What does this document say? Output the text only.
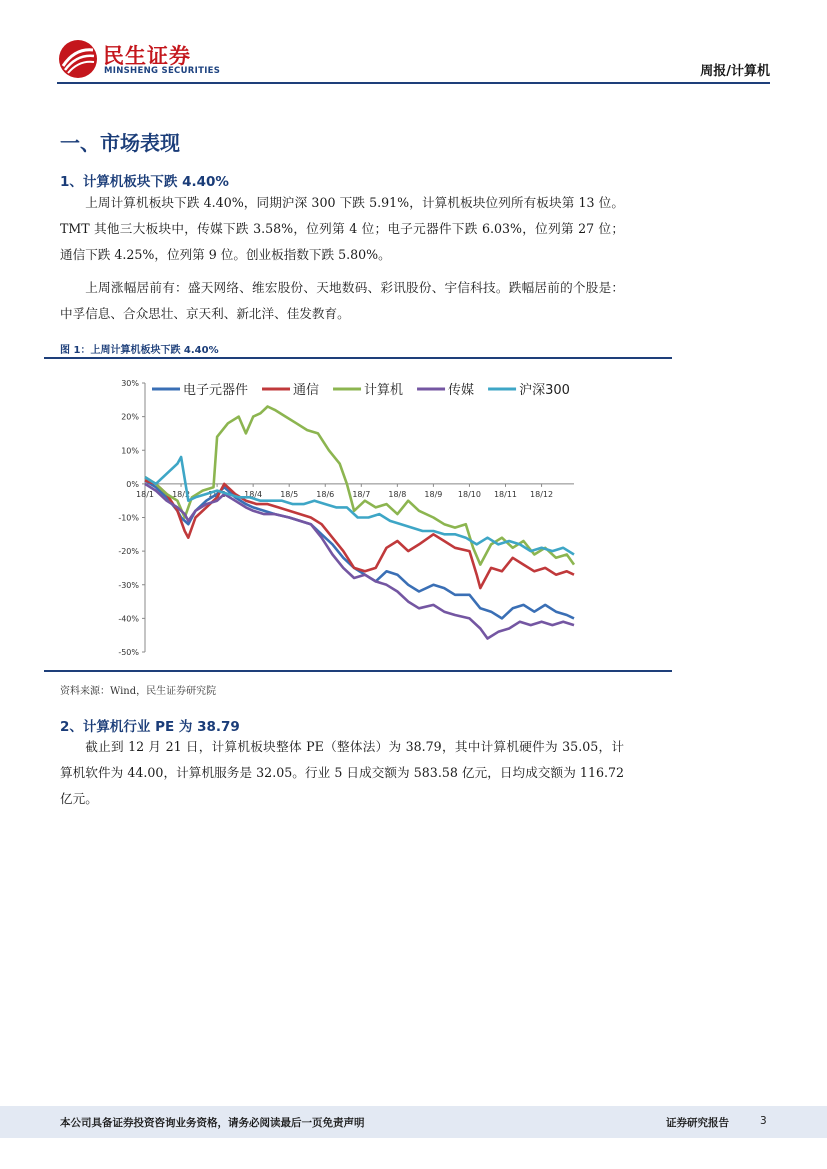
民生证券
MINSHENG SECURITIES	周报/计算机
一、市场表现
1、计算机板块下跌 4.40%
上周计算机板块下跌 4.40%，同期沪深 300 下跌 5.91%，计算机板块位列所有板块第 13 位。TMT 其他三大板块中，传媒下跌 3.58%，位列第 4 位；电子元器件下跌 6.03%，位列第 27 位；通信下跌 4.25%，位列第 9 位。创业板指数下跌 5.80%。
上周涨幅居前有：盛天网络、维宏股份、天地数码、彩讯股份、宇信科技。跌幅居前的个股是：中孚信息、合众思壮、京天利、新北洋、佳发教育。
图 1：上周计算机板块下跌 4.40%
30%
20%
10%
0%
-10%
-20%
-30%
-40%
-50%
18/1 18/2 18/3 18/4 18/5 18/6 18/7 18/8 18/9 18/10 18/11 18/12
电子元器件	通信	计算机	传媒	沪深300
资料来源：Wind，民生证券研究院
2、计算机行业 PE 为 38.79
截止到 12 月 21 日，计算机板块整体 PE（整体法）为 38.79，其中计算机硬件为 35.05，计算机软件为 44.00，计算机服务是 32.05。行业 5 日成交额为 583.58 亿元，日均成交额为 116.72 亿元。
本公司具备证券投资咨询业务资格，请务必阅读最后一页免责声明	证券研究报告	3
